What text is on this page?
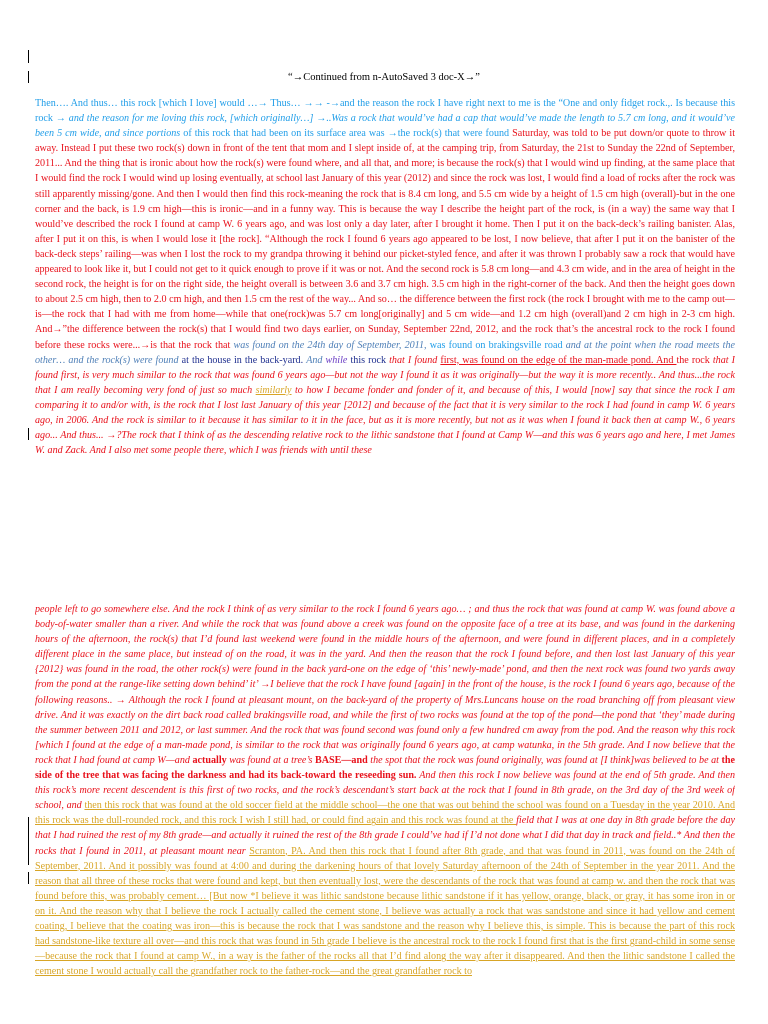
“→Continued from n-AutoSaved 3 doc-X→”

Then…. And thus… this rock [which I love] would …→ Thus… →→ -→and the reason the rock I have right next to me is the “One and only fidget rock.,. Is because this rock → and the reason for me loving this rock, [which originally…] →..Was a rock that would’ve had a cap that would’ve made the length to 5.7 cm long, and it would’ve been 5 cm wide, and since portions of this rock that had been on its surface area was →the rock(s) that were found Saturday, was told to be put down/or quote to throw it away. Instead I put these two rock(s) down in front of the tent that mom and I slept inside of, at the camping trip, from Saturday, the 21st to Sunday the 22nd of September, 2011... And the thing that is ironic about how the rock(s) were found where, and all that, and more; is because the rock(s) that I would wind up finding, at the same place that I would find the rock I would wind up losing eventually, at school last January of this year (2012) and since the rock was lost, I would find a load of rocks after the rock was still apparently missing/gone. And then I would then find this rock-meaning the rock that is 8.4 cm long, and 5.5 cm wide by a height of 1.5 cm high (overall)-but in the one corner and the back, is 1.9 cm high—this is ironic—and in a funny way. This is because the way I describe the height part of the rock, is (in a way) the same way that I would’ve described the rock I found at camp W. 6 years ago, and was lost only a day later, after I brought it home. Then I put it on the back-deck’s railing banister. Alas, after I put it on this, is when I would lose it [the rock]. “Although the rock I found 6 years ago appeared to be lost, I now believe, that after I put it on the banister of the back-deck steps’ railing—was when I lost the rock to my grandpa throwing it behind our picket-styled fence, and after it was thrown I probably saw a rock that would have appeared to look like it, but I could not get to it quick enough to prove if it was or not. And the second rock is 5.8 cm long—and 4.3 cm wide, and in the area of height in the second rock, the height is for on the right side, the height overall is between 3.6 and 3.7 cm high. 3.5 cm high in the right-corner of the back. And then the height goes down to about 2.5 cm high, then to 2.0 cm high, and then 1.5 cm the rest of the way... And so… the difference between the first rock (the rock I brought with me to the camp out—is—the rock that I had with me from home—while that one(rock)was 5.7 cm long[originally] and 5 cm wide—and 1.2 cm high (overall)and 2 cm high in 2-3 cm high. And→”the difference between the rock(s) that I would find two days earlier, on Sunday, September 22nd, 2012, and the rock that’s the ancestral rock to the rock I found before these rocks were...→is that the rock that was found on the 24th day of September, 2011, was found on brakingsville road and at the point when the road meets the other… and the rock(s) were found at the house in the back-yard. And while this rock that I found first, was found on the edge of the man-made pond. And the rock that I found first, is very much similar to the rock that was found 6 years ago—but not the way I found it as it was originally—but the way it is more recently.. And thus...the rock that I am really becoming very fond of just so much similarly to how I became fonder and fonder of it, and because of this, I would [now] say that since the rock I am comparing it to and/or with, is the rock that I lost last January of this year [2012] and because of the fact that it is very similar to the rock I had found in camp W. 6 years ago, in 2006. And the rock is similar to it because it has similar to it in the face, but as it is more recently, but not as it was when I found it back then at camp W., 6 years ago... And thus... →?The rock that I think of as the descending relative rock to the lithic sandstone that I found at Camp W—and this was 6 years ago and here, I met James W. and Zack. And I also met some people there, which I was friends with until these

people left to go somewhere else. And the rock I think of as very similar to the rock I found 6 years ago… ; and thus the rock that was found at camp W. was found above a body-of-water smaller than a river. And while the rock that was found above a creek was found on the opposite face of a tree at its base, and was found in the darkening hours of the afternoon, the rock(s) that I’d found last weekend were found in the middle hours of the afternoon, and were found in different places, and in a completely different place in the same place, but instead of on the road, it was in the yard. And then the reason that the rock I found before, and then lost last January of this year {2012} was found in the road, the other rock(s) were found in the back yard-one on the edge of ‘this’ newly-made’ pond, and then the next rock was found two yards away from the pond at the range-like setting down behind’ it’ →I believe that the rock I have found [again] in the front of the house, is the rock I found 6 years ago, because of the following reasons.. → Although the rock I found at pleasant mount, on the back-yard of the property of Mrs.Luncans house on the road branching off from pleasant view drive. And it was exactly on the dirt back road called brakingsville road, and while the first of two rocks was found at the top of the pond—the pond that ‘they’ made during the summer between 2011 and 2012, or last summer. And the rock that was found second was found only a few hundred cm away from the pod. And the reason why this rock [which I found at the edge of a man-made pond, is similar to the rock that was originally found 6 years ago, at camp watunka, in the 5th grade. And I now believe that the rock that I had found at camp W—and actually was found at a tree’s BASE—and the spot that the rock was found originally, was found at [I think]was believed to be at the side of the tree that was facing the darkness and had its back-toward the reseeding sun. And then this rock I now believe was found at the end of 5th grade. And then this rock’s more recent descendent is this first of two rocks, and the rock’s descendant’s start back at the rock that I found in 8th grade, on the 3rd day of the 3rd week of school, and then this rock that was found at the old soccer field at the middle school—the one that was out behind the school was found on a Tuesday in the year 2010. And this rock was the dull-rounded rock, and this rock I wish I still had, or could find again and this rock was found at the field that I was at one day in 8th grade before the day that I had ruined the rest of my 8th grade—and actually it ruined the rest of the 8th grade I could’ve had if I’d not done what I did that day in track and field..* And then the rocks that I found in 2011, at pleasant mount near Scranton, PA. And then this rock that I found after 8th grade, and that was found in 2011, was found on the 24th of September, 2011. And it possibly was found at 4:00 and during the darkening hours of that lovely Saturday afternoon of the 24th of September in the year 2011. And the reason that all three of these rocks that were found and kept, but then eventually lost, were the descendants of the rock that was found at camp w. and then the rock that was found before this, was probably cement… [But now *I believe it was lithic sandstone because lithic sandstone if it has yellow, orange, black, or gray, it has some iron in or on it. And the reason why that I believe the rock I actually called the cement stone, I believe was actually a rock that was sandstone and since it had yellow and cement coating, I believe that the coating was iron—this is because the rock that I was sandstone and the reason why I believe this, is simple. This is because the part of this rock had sandstone-like texture all over—and this rock that was found in 5th grade I believe is the ancestral rock to the rock I found first that is the first grand-child in some sense—because the rock that I found at camp W., in a way is the father of the rocks all that I’d find along the way after it disappeared. And then the lithic sandstone I called the cement stone I would actually call the grandfather rock to the father-rock—and the great grandfather rock to
